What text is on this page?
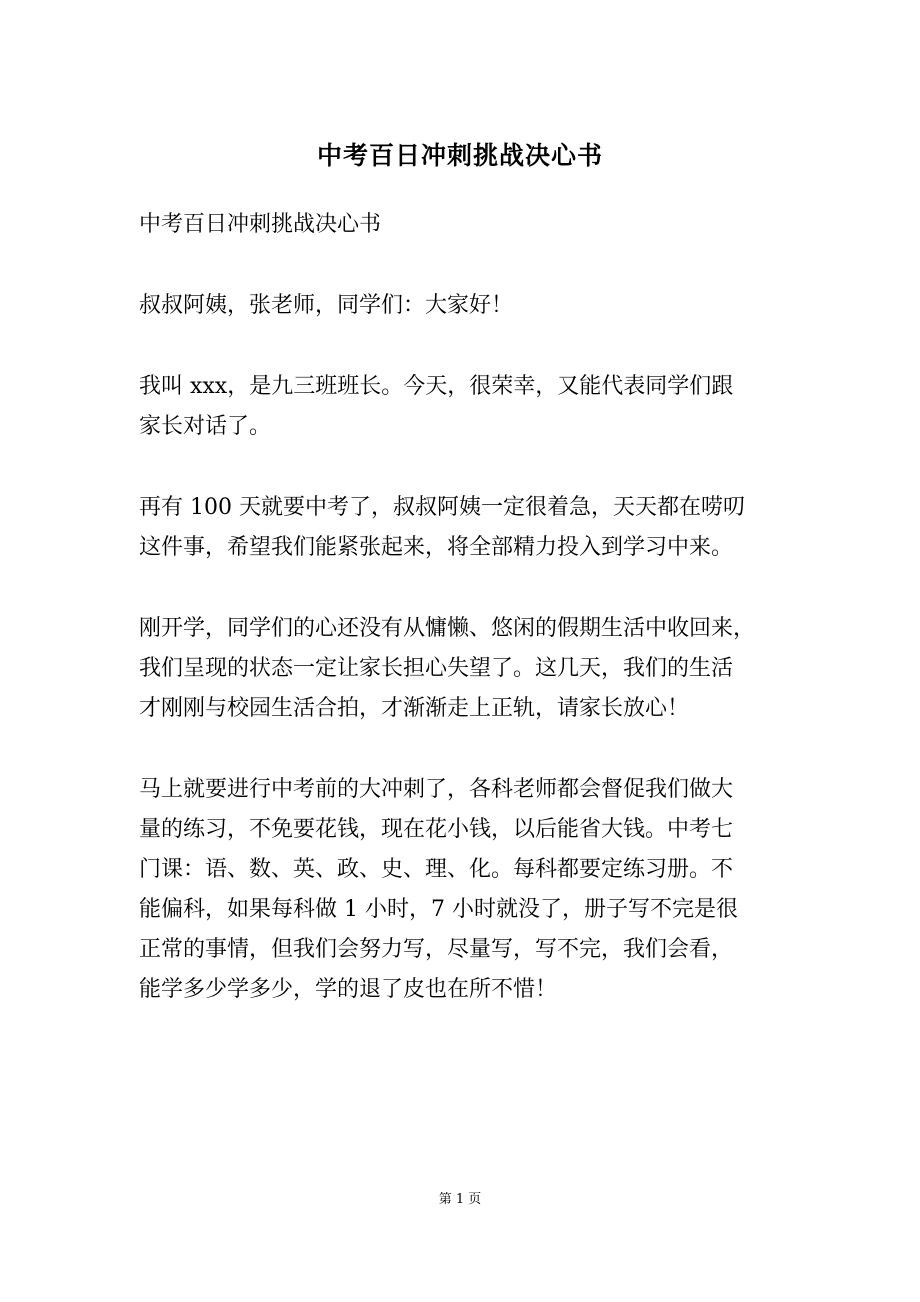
中考百日冲刺挑战决心书

中考百日冲刺挑战决心书

叔叔阿姨，张老师，同学们：大家好！

我叫 xxx，是九三班班长。今天，很荣幸，又能代表同学们跟
家长对话了。

再有 100 天就要中考了，叔叔阿姨一定很着急，天天都在唠叨
这件事，希望我们能紧张起来，将全部精力投入到学习中来。

刚开学，同学们的心还没有从慵懒、悠闲的假期生活中收回来，
我们呈现的状态一定让家长担心失望了。这几天，我们的生活
才刚刚与校园生活合拍，才渐渐走上正轨，请家长放心！

马上就要进行中考前的大冲刺了，各科老师都会督促我们做大
量的练习，不免要花钱，现在花小钱，以后能省大钱。中考七
门课：语、数、英、政、史、理、化。每科都要定练习册。不
能偏科，如果每科做 1 小时，7 小时就没了，册子写不完是很
正常的事情，但我们会努力写，尽量写，写不完，我们会看，
能学多少学多少，学的退了皮也在所不惜！

第 1 页
